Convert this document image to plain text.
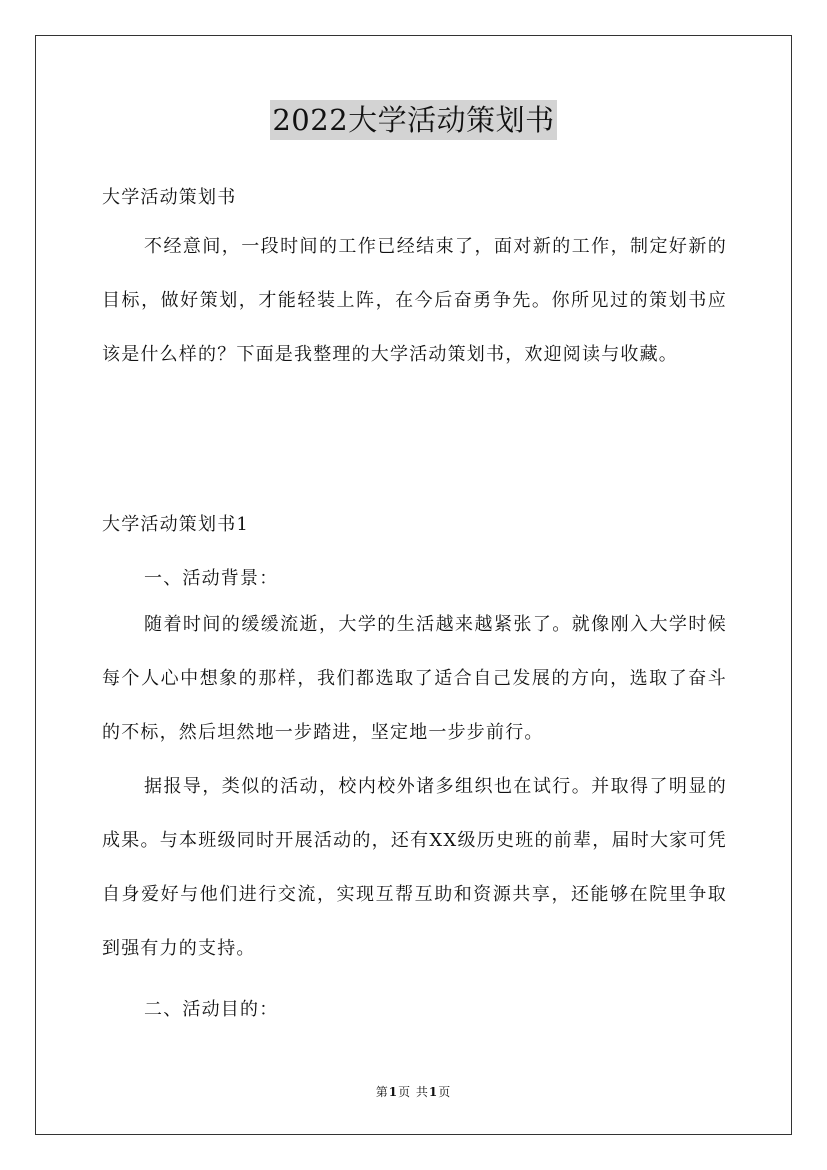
2022大学活动策划书
大学活动策划书

不经意间，一段时间的工作已经结束了，面对新的工作，制定好新的目标，做好策划，才能轻装上阵，在今后奋勇争先。你所见过的策划书应该是什么样的？下面是我整理的大学活动策划书，欢迎阅读与收藏。

大学活动策划书1
一、活动背景：

随着时间的缓缓流逝，大学的生活越来越紧张了。就像刚入大学时候每个人心中想象的那样，我们都选取了适合自己发展的方向，选取了奋斗的不标，然后坦然地一步踏进，坚定地一步步前行。

据报导，类似的活动，校内校外诸多组织也在试行。并取得了明显的成果。与本班级同时开展活动的，还有XX级历史班的前辈，届时大家可凭自身爱好与他们进行交流，实现互帮互助和资源共享，还能够在院里争取到强有力的支持。

二、活动目的：
第1页 共1页
